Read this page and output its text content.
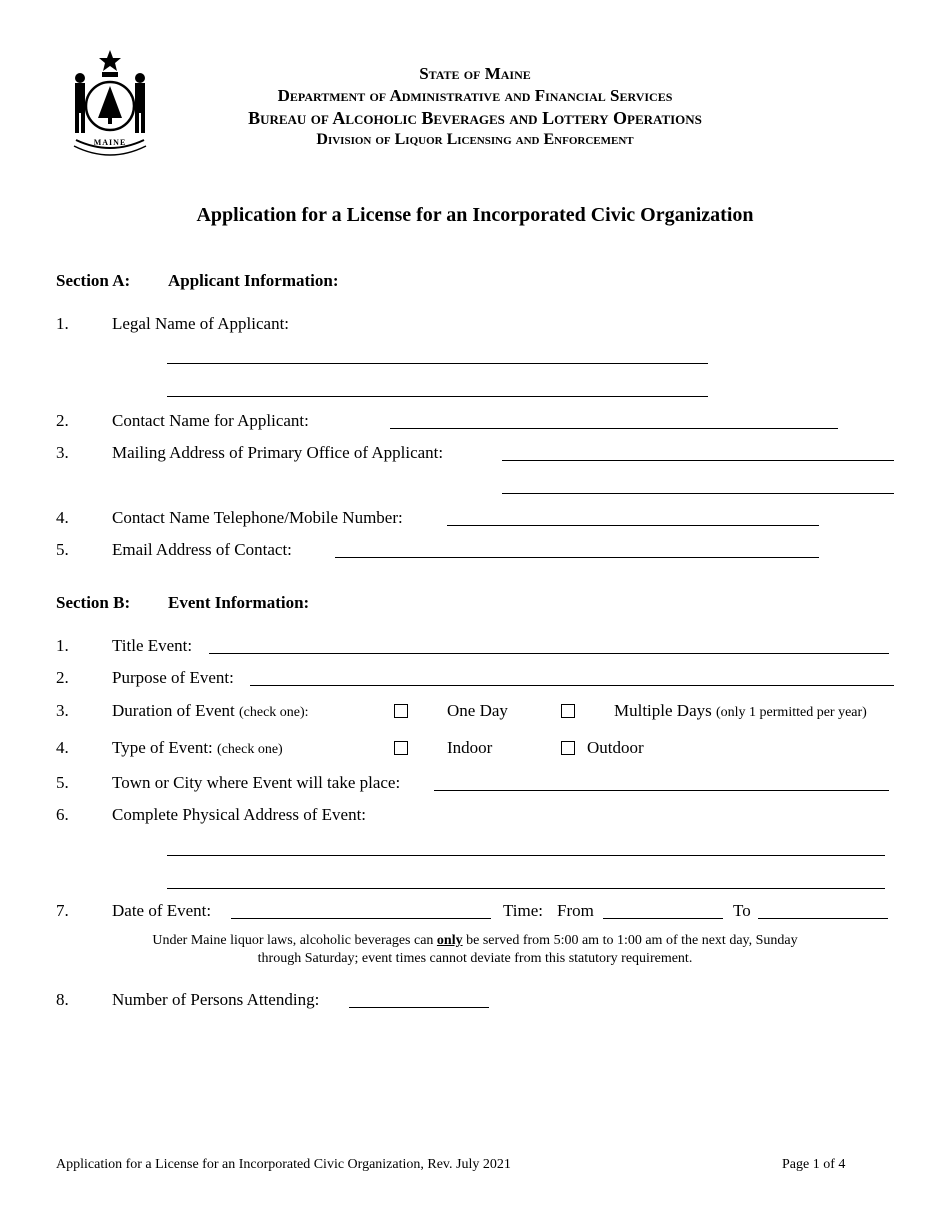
MAINE
State of Maine
Department of Administrative and Financial Services
Bureau of Alcoholic Beverages and Lottery Operations
Division of Liquor Licensing and Enforcement
Application for a License for an Incorporated Civic Organization
Section A: Applicant Information:
1.	Legal Name of Applicant:
2.	Contact Name for Applicant:
3.	Mailing Address of Primary Office of Applicant:
4.	Contact Name Telephone/Mobile Number:
5.	Email Address of Contact:
Section B: Event Information:
1.	Title Event:
2.	Purpose of Event:
3.	Duration of Event (check one):	One Day	Multiple Days (only 1 permitted per year)
4.	Type of Event: (check one)	Indoor	Outdoor
5.	Town or City where Event will take place:
6.	Complete Physical Address of Event:
7.	Date of Event:	Time: From	To
Under Maine liquor laws, alcoholic beverages can only be served from 5:00 am to 1:00 am of the next day, Sunday
through Saturday; event times cannot deviate from this statutory requirement.
8.	Number of Persons Attending:
Application for a License for an Incorporated Civic Organization, Rev. July 2021	Page 1 of 4
